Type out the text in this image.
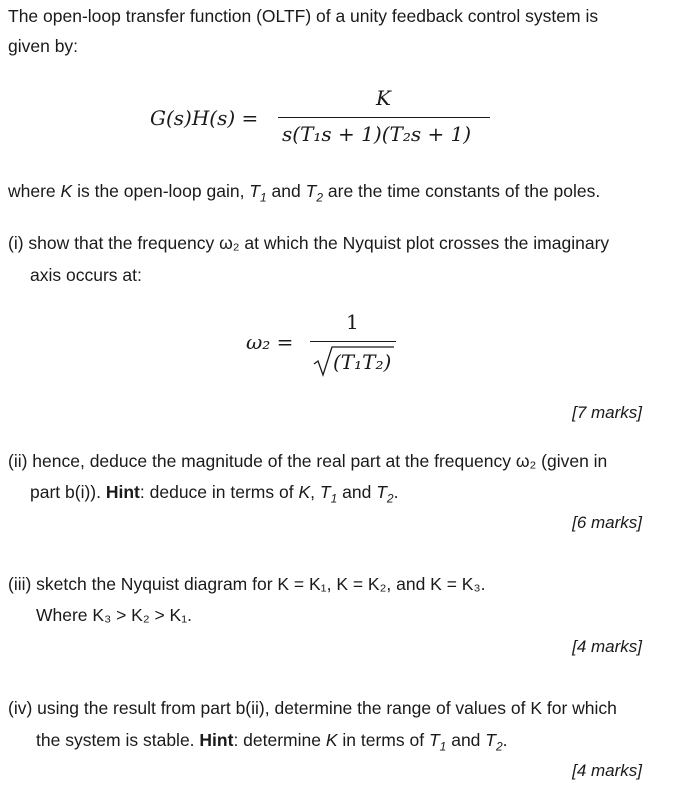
The open-loop transfer function (OLTF) of a unity feedback control system is
given by:
G(s)H(s) =
K
s(T₁s + 1)(T₂s + 1)
where K is the open-loop gain, $T_1$ and $T_2$ are the time constants of the poles.
(i) show that the frequency ω₂ at which the Nyquist plot crosses the imaginary
axis occurs at:
ω₂ =
1
(T₁T₂)
[7 marks]
(ii) hence, deduce the magnitude of the real part at the frequency ω₂ (given in
part b(i)). Hint: deduce in terms of K, $T_1$ and $T_2$.
[6 marks]
(iii) sketch the Nyquist diagram for K = K₁, K = K₂, and K = K₃.
Where K₃ > K₂ > K₁.
[4 marks]
(iv) using the result from part b(ii), determine the range of values of K for which
the system is stable. Hint: determine K in terms of $T_1$ and $T_2$.
[4 marks]
